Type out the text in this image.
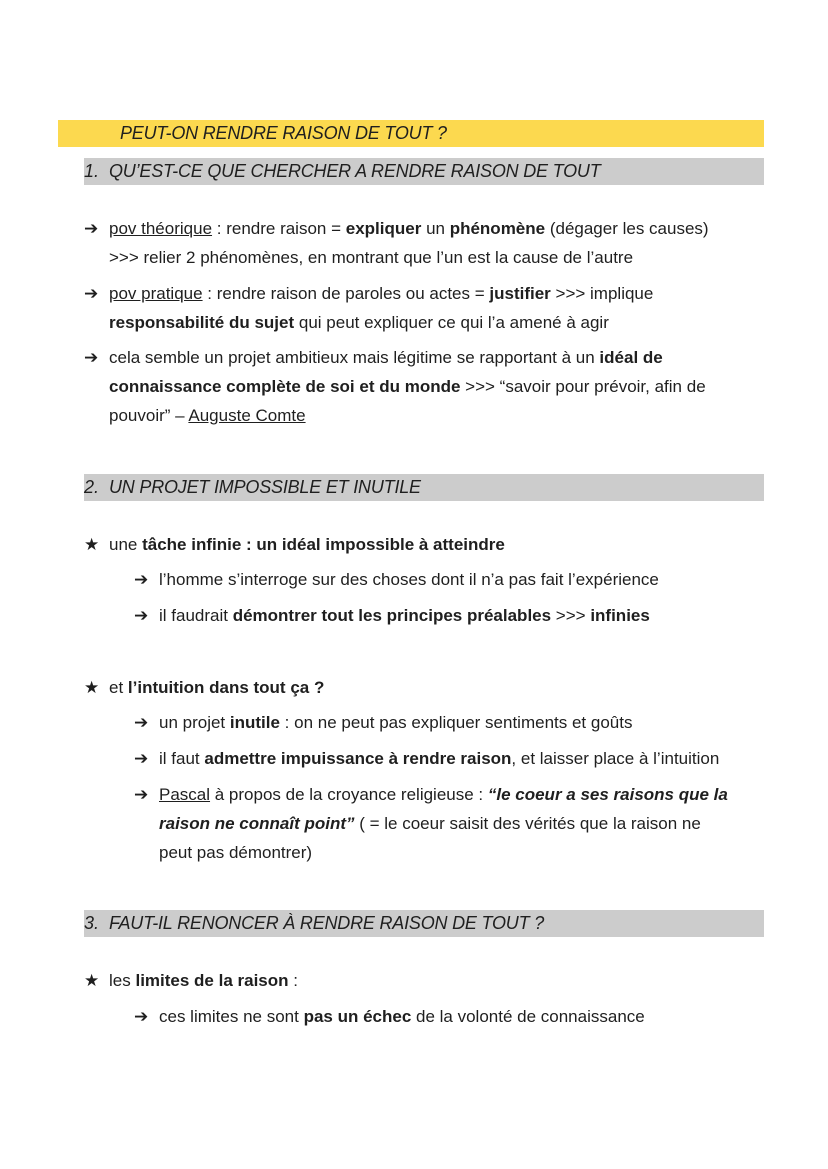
PEUT-ON RENDRE RAISON DE TOUT ?
1. QU’EST-CE QUE CHERCHER A RENDRE RAISON DE TOUT
➔ pov théorique : rendre raison = expliquer un phénomène (dégager les causes)
>>> relier 2 phénomènes, en montrant que l’un est la cause de l’autre
➔ pov pratique : rendre raison de paroles ou actes = justifier >>> implique
responsabilité du sujet qui peut expliquer ce qui l’a amené à agir
➔ cela semble un projet ambitieux mais légitime se rapportant à un idéal de
connaissance complète de soi et du monde >>> “savoir pour prévoir, afin de
pouvoir” – Auguste Comte
2. UN PROJET IMPOSSIBLE ET INUTILE
★ une tâche infinie : un idéal impossible à atteindre
➔ l’homme s’interroge sur des choses dont il n’a pas fait l’expérience
➔ il faudrait démontrer tout les principes préalables >>> infinies
★ et l’intuition dans tout ça ?
➔ un projet inutile : on ne peut pas expliquer sentiments et goûts
➔ il faut admettre impuissance à rendre raison, et laisser place à l’intuition
➔ Pascal à propos de la croyance religieuse : “le coeur a ses raisons que la
raison ne connaît point” ( = le coeur saisit des vérités que la raison ne
peut pas démontrer)
3. FAUT-IL RENONCER À RENDRE RAISON DE TOUT ?
★ les limites de la raison :
➔ ces limites ne sont pas un échec de la volonté de connaissance
